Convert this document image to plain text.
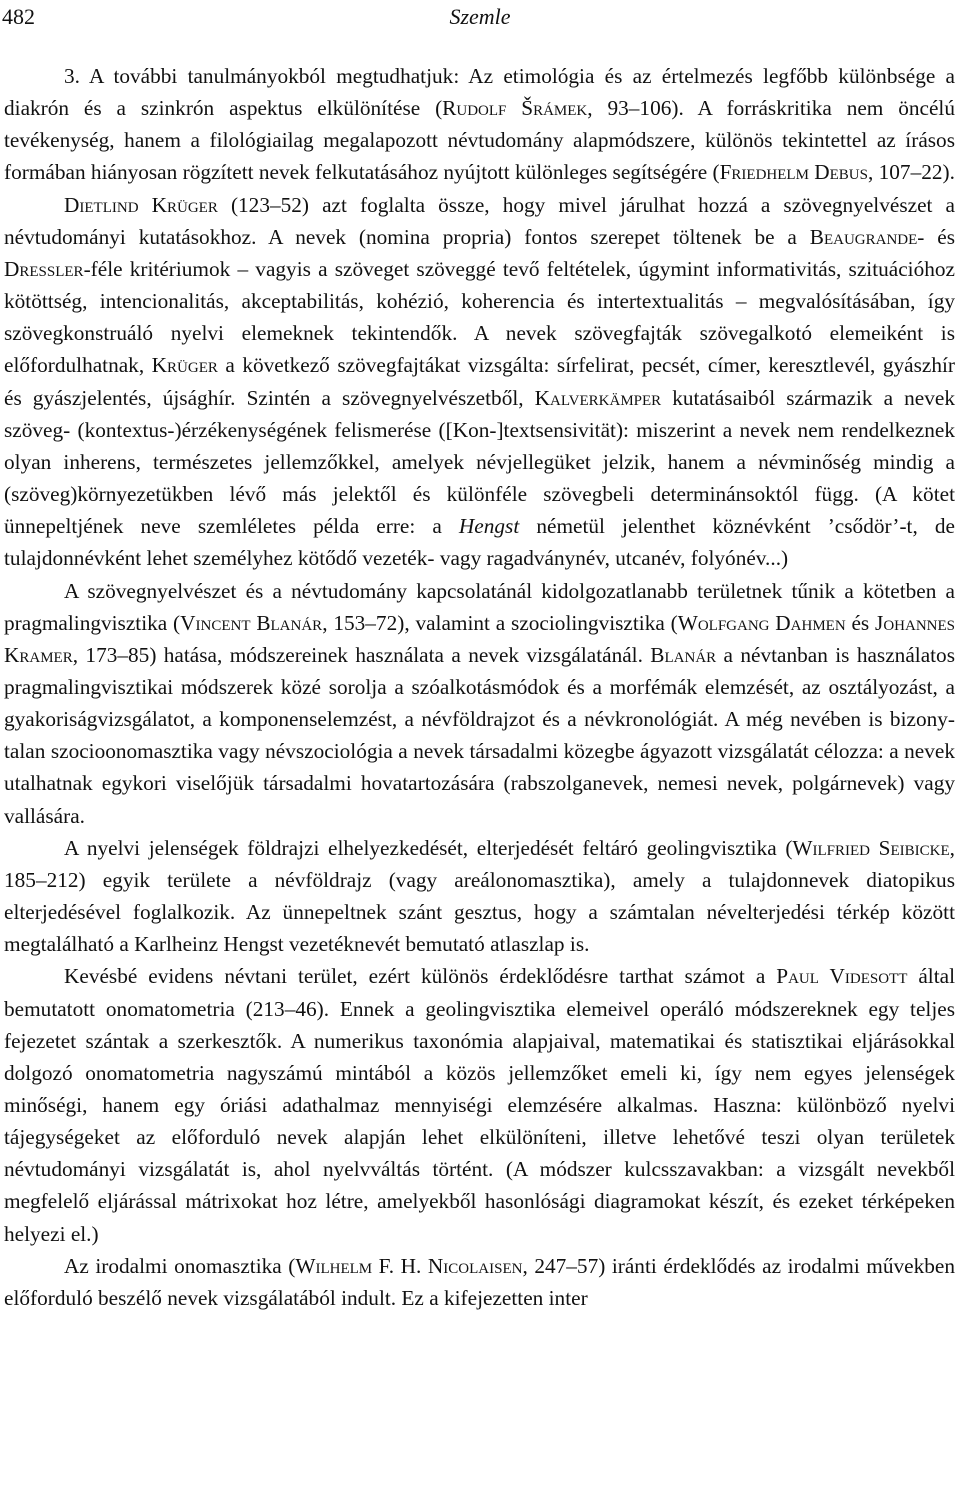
482	Szemle

3. A további tanulmányokból megtudhatjuk: Az etimológia és az értelmezés legfőbb különbsége a diakrón és a szinkrón aspektus elkülönítése (Rudolf Šrámek, 93–106). A forráskritika nem öncélú tevékenység, hanem a filológiailag megalapozott névtudomány alapmódszere, különös tekintettel az írásos formában hiányosan rögzített nevek felkutatásához nyújtott különleges segítségére (Friedhelm Debus, 107–22).

Dietlind Krüger (123–52) azt foglalta össze, hogy mivel járulhat hozzá a szövegnyelvészet a névtudományi kutatásokhoz. A nevek (nomina propria) fontos szerepet töltenek be a Beaugrande- és Dressler-féle kritériumok – vagyis a szöveget szöveggé tevő feltételek, úgymint informativitás, szituációhoz kötöttség, intencionalitás, akceptabilitás, kohézió, koherencia és intertextualitás – megvalósításában, így szövegkonstruáló nyelvi elemeknek tekintendők. A nevek szövegfajták szövegalkotó elemeiként is előfordulhatnak, Krüger a következő szövegfajtákat vizsgálta: sírfelirat, pecsét, címer, keresztlevél, gyászhír és gyászjelentés, újsághír. Szintén a szövegnyelvészetből, Kalverkämper kutatásaiból származik a nevek szöveg- (kontextus-)érzékenységének felismerése ([Kon-]textsensivität): miszerint a nevek nem rendelkeznek olyan inherens, természetes jellemzőkkel, amelyek névjellegüket jelzik, hanem a névminőség mindig a (szöveg)környezetükben lévő más jelektől és különféle szövegbeli determinánsoktól függ. (A kötet ünnepeltjének neve szemléletes példa erre: a Hengst németül jelenthet köznévként ’csődör’-t, de tulajdonnévként lehet személyhez kötődő vezeték- vagy ragadványnév, utcanév, folyónév...)

A szövegnyelvészet és a névtudomány kapcsolatánál kidolgozatlanabb területnek tűnik a kötetben a pragmalingvisztika (Vincent Blanár, 153–72), valamint a szociolingvisztika (Wolfgang Dahmen és Johannes Kramer, 173–85) hatása, módszereinek használata a nevek vizsgálatánál. Blanár a névtanban is használatos pragmalingvisztikai módszerek közé sorolja a szóalkotásmódok és a morfémák elemzését, az osztályozást, a gyakoriságvizsgálatot, a komponenselemzést, a névföldrajzot és a névkronológiát. A még nevében is bizonytalan szocioonomasztika vagy névszociológia a nevek társadalmi közegbe ágyazott vizsgálatát célozza: a nevek utalhatnak egykori viselőjük társadalmi hovatartozására (rabszolganevek, nemesi nevek, polgárnevek) vagy vallására.

A nyelvi jelenségek földrajzi elhelyezkedését, elterjedését feltáró geolingvisztika (Wilfried Seibicke, 185–212) egyik területe a névföldrajz (vagy areálonomasztika), amely a tulajdonnevek diatopikus elterjedésével foglalkozik. Az ünnepeltnek szánt gesztus, hogy a számtalan névelterjedési térkép között megtalálható a Karlheinz Hengst vezetéknevét bemutató atlaszlap is.

Kevésbé evidens névtani terület, ezért különös érdeklődésre tarthat számot a Paul Videsott által bemutatott onomatometria (213–46). Ennek a geolingvisztika elemeivel operáló módszereknek egy teljes fejezetet szántak a szerkesztők. A numerikus taxonómia alapjaival, matematikai és statisztikai eljárásokkal dolgozó onomatometria nagyszámú mintából a közös jellemzőket emeli ki, így nem egyes jelenségek minőségi, hanem egy óriási adathalmaz mennyiségi elemzésére alkalmas. Haszna: különböző nyelvi tájegységeket az előforduló nevek alapján lehet elkülöníteni, illetve lehetővé teszi olyan területek névtudományi vizsgálatát is, ahol nyelvváltás történt. (A módszer kulcsszavakban: a vizsgált nevekből megfelelő eljárással mátrixokat hoz létre, amelyekből hasonlósági diagramokat készít, és ezeket térképeken helyezi el.)

Az irodalmi onomasztika (Wilhelm F. H. Nicolaisen, 247–57) iránti érdeklődés az irodalmi művekben előforduló beszélő nevek vizsgálatából indult. Ez a kifejezetten inter
